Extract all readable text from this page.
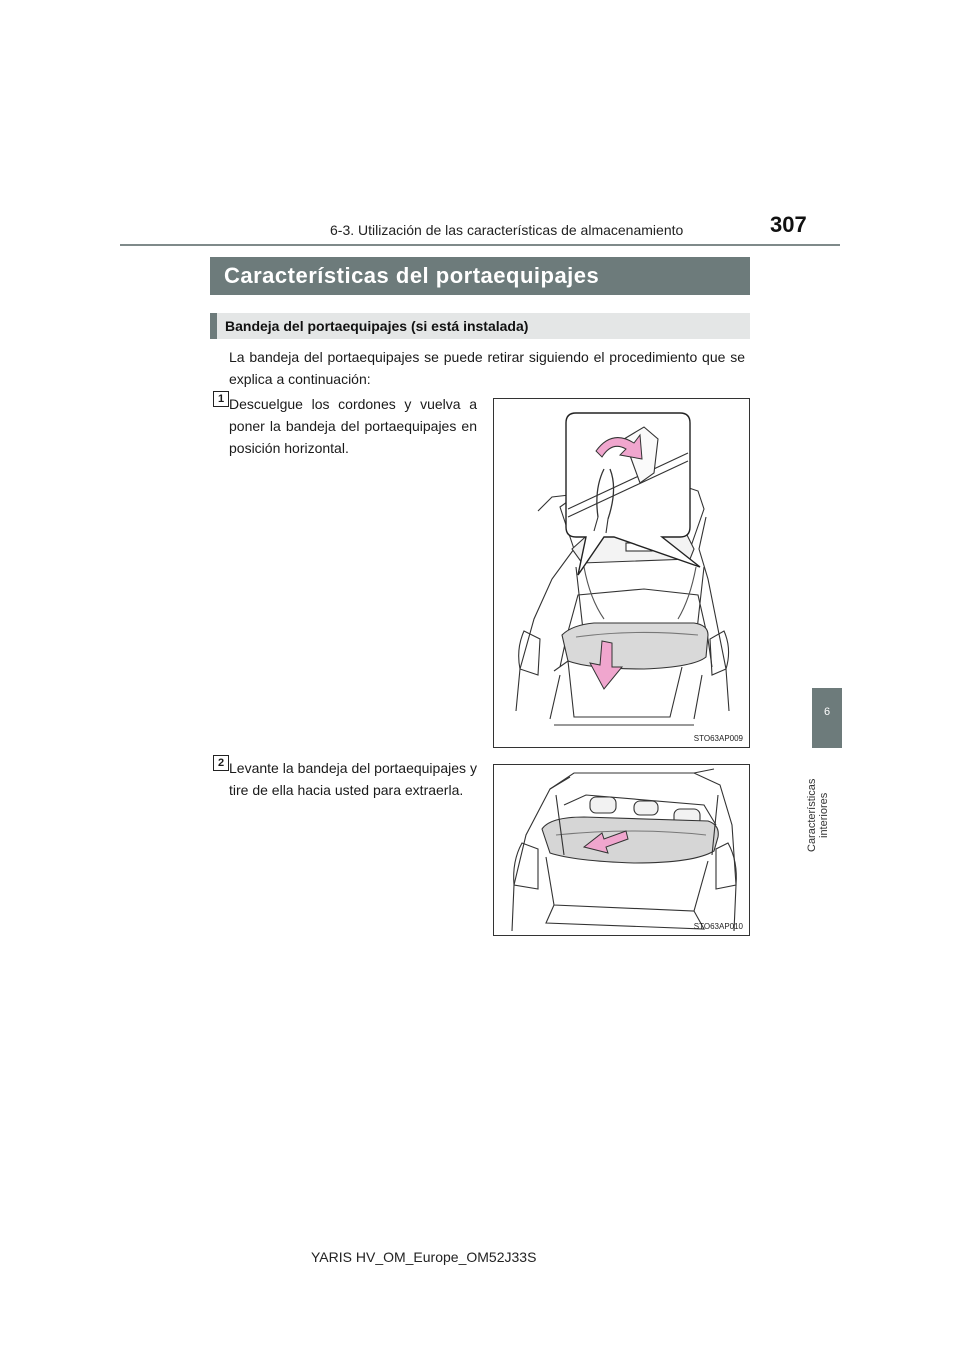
6-3. Utilización de las características de almacenamiento	307
6
Características interiores
Características del portaequipajes
Bandeja del portaequipajes (si está instalada)
La bandeja del portaequipajes se puede retirar siguiendo el procedimiento que se explica a continuación:
1 Descuelgue los cordones y vuelva a poner la bandeja del portaequipajes en posición horizontal.
STO63AP009
2 Levante la bandeja del portaequipajes y tire de ella hacia usted para extraerla.
STO63AP010
YARIS HV_OM_Europe_OM52J33S
